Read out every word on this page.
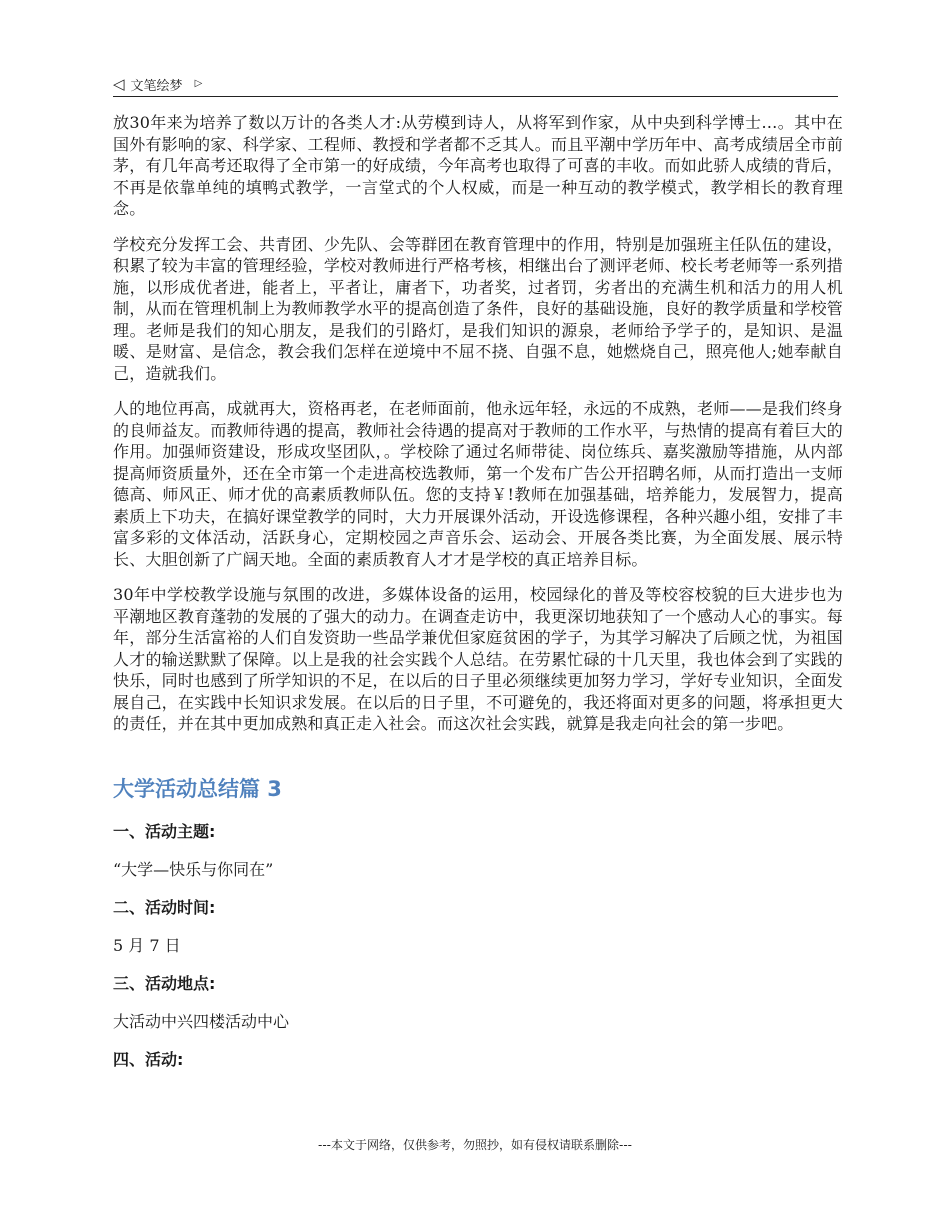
◁ 文笔绘梦 ▷

放30年来为培养了数以万计的各类人才:从劳模到诗人，从将军到作家，从中央到科学博士…。其中在国外有影响的家、科学家、工程师、教授和学者都不乏其人。而且平潮中学历年中、高考成绩居全市前茅，有几年高考还取得了全市第一的好成绩，今年高考也取得了可喜的丰收。而如此骄人成绩的背后，不再是依靠单纯的填鸭式教学，一言堂式的个人权威，而是一种互动的教学模式，教学相长的教育理念。

学校充分发挥工会、共青团、少先队、会等群团在教育管理中的作用，特别是加强班主任队伍的建设，积累了较为丰富的管理经验，学校对教师进行严格考核，相继出台了测评老师、校长考老师等一系列措施，以形成优者进，能者上，平者让，庸者下，功者奖，过者罚，劣者出的充满生机和活力的用人机制，从而在管理机制上为教师教学水平的提高创造了条件，良好的基础设施，良好的教学质量和学校管理。老师是我们的知心朋友，是我们的引路灯，是我们知识的源泉，老师给予学子的，是知识、是温暖、是财富、是信念，教会我们怎样在逆境中不屈不挠、自强不息，她燃烧自己，照亮他人;她奉献自己，造就我们。

人的地位再高，成就再大，资格再老，在老师面前，他永远年轻，永远的不成熟，老师——是我们终身的良师益友。而教师待遇的提高，教师社会待遇的提高对于教师的工作水平，与热情的提高有着巨大的作用。加强师资建设，形成攻坚团队，。学校除了通过名师带徒、岗位练兵、嘉奖激励等措施，从内部提高师资质量外，还在全市第一个走进高校选教师，第一个发布广告公开招聘名师，从而打造出一支师德高、师风正、师才优的高素质教师队伍。您的支持￥!教师在加强基础，培养能力，发展智力，提高素质上下功夫，在搞好课堂教学的同时，大力开展课外活动，开设选修课程，各种兴趣小组，安排了丰富多彩的文体活动，活跃身心，定期校园之声音乐会、运动会、开展各类比赛，为全面发展、展示特长、大胆创新了广阔天地。全面的素质教育人才才是学校的真正培养目标。

30年中学校教学设施与氛围的改进，多媒体设备的运用，校园绿化的普及等校容校貌的巨大进步也为平潮地区教育蓬勃的发展的了强大的动力。在调查走访中，我更深切地获知了一个感动人心的事实。每年，部分生活富裕的人们自发资助一些品学兼优但家庭贫困的学子，为其学习解决了后顾之忧，为祖国人才的输送默默了保障。以上是我的社会实践个人总结。在劳累忙碌的十几天里，我也体会到了实践的快乐，同时也感到了所学知识的不足，在以后的日子里必须继续更加努力学习，学好专业知识，全面发展自己，在实践中长知识求发展。在以后的日子里，不可避免的，我还将面对更多的问题，将承担更大的责任，并在其中更加成熟和真正走入社会。而这次社会实践，就算是我走向社会的第一步吧。

大学活动总结篇 3
一、活动主题:
“大学—快乐与你同在”
二、活动时间:
5 月 7 日
三、活动地点:
大活动中兴四楼活动中心
四、活动:
---本文于网络，仅供参考，勿照抄，如有侵权请联系删除---
